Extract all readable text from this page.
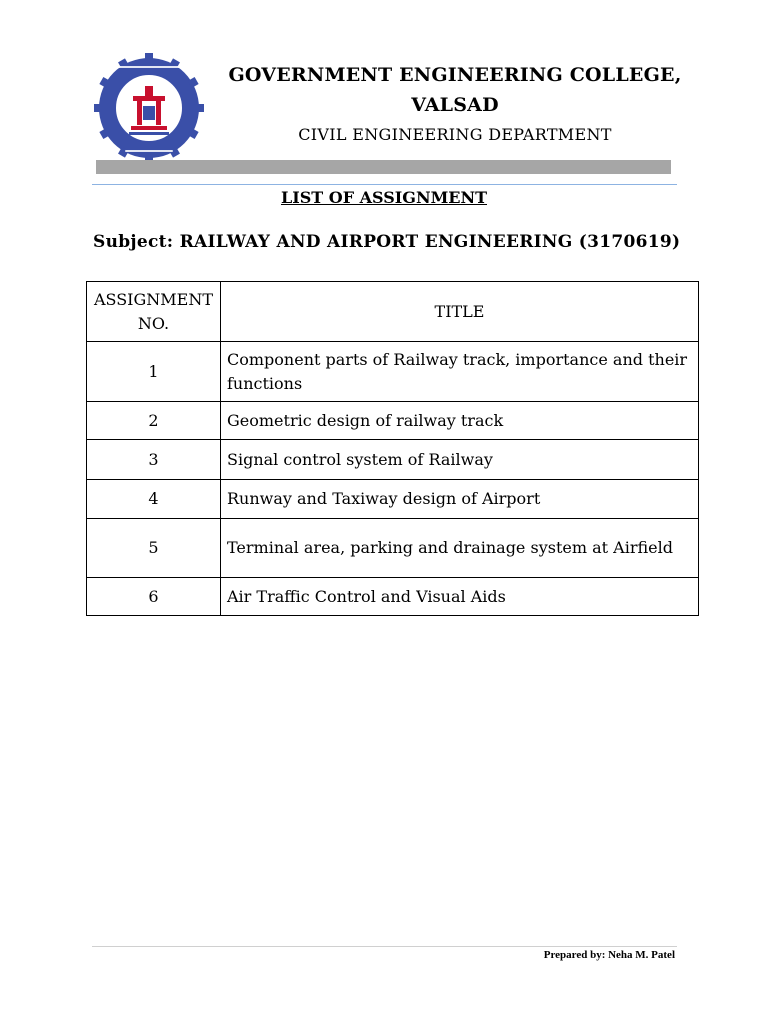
GOVERNMENT ENGINEERING COLLEGE,
VALSAD
CIVIL ENGINEERING DEPARTMENT
LIST OF ASSIGNMENT
Subject: RAILWAY AND AIRPORT ENGINEERING (3170619)
ASSIGNMENT NO.	TITLE
1	Component parts of Railway track, importance and their functions
2	Geometric design of railway track
3	Signal control system of Railway
4	Runway and Taxiway design of Airport
5	Terminal area, parking and drainage system at Airfield
6	Air Traffic Control and Visual Aids
Prepared by: Neha M. Patel
